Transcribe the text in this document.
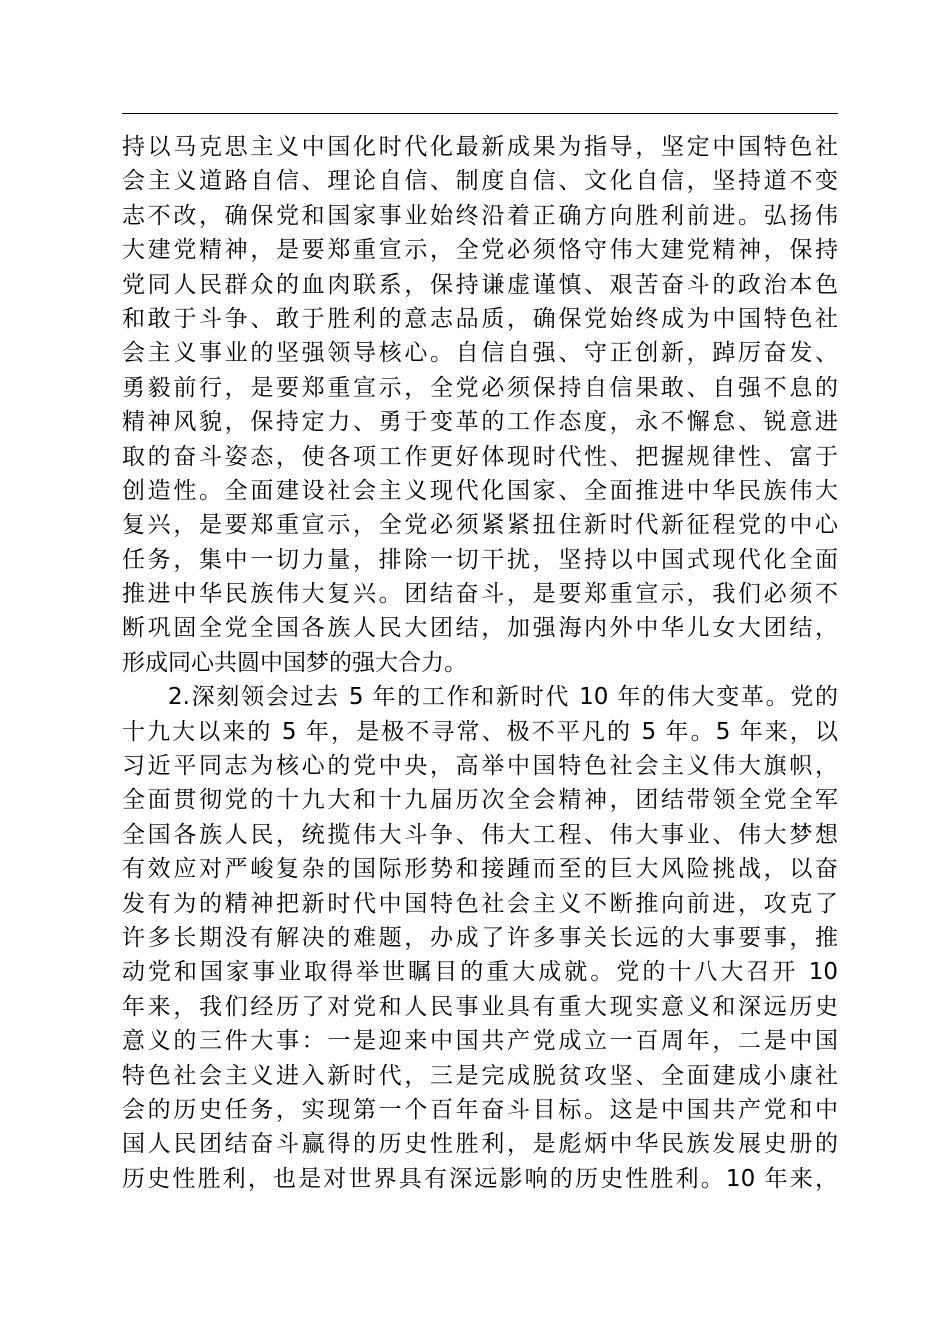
持以马克思主义中国化时代化最新成果为指导，坚定中国特色社
会主义道路自信、理论自信、制度自信、文化自信，坚持道不变
志不改，确保党和国家事业始终沿着正确方向胜利前进。弘扬伟
大建党精神，是要郑重宣示，全党必须恪守伟大建党精神，保持
党同人民群众的血肉联系，保持谦虚谨慎、艰苦奋斗的政治本色
和敢于斗争、敢于胜利的意志品质，确保党始终成为中国特色社
会主义事业的坚强领导核心。自信自强、守正创新，踔厉奋发、
勇毅前行，是要郑重宣示，全党必须保持自信果敢、自强不息的
精神风貌，保持定力、勇于变革的工作态度，永不懈怠、锐意进
取的奋斗姿态，使各项工作更好体现时代性、把握规律性、富于
创造性。全面建设社会主义现代化国家、全面推进中华民族伟大
复兴，是要郑重宣示，全党必须紧紧扭住新时代新征程党的中心
任务，集中一切力量，排除一切干扰，坚持以中国式现代化全面
推进中华民族伟大复兴。团结奋斗，是要郑重宣示，我们必须不
断巩固全党全国各族人民大团结，加强海内外中华儿女大团结，
形成同心共圆中国梦的强大合力。
2.深刻领会过去 5 年的工作和新时代 10 年的伟大变革。党的
十九大以来的 5 年，是极不寻常、极不平凡的 5 年。5 年来，以
习近平同志为核心的党中央，高举中国特色社会主义伟大旗帜，
全面贯彻党的十九大和十九届历次全会精神，团结带领全党全军
全国各族人民，统揽伟大斗争、伟大工程、伟大事业、伟大梦想
有效应对严峻复杂的国际形势和接踵而至的巨大风险挑战，以奋
发有为的精神把新时代中国特色社会主义不断推向前进，攻克了
许多长期没有解决的难题，办成了许多事关长远的大事要事，推
动党和国家事业取得举世瞩目的重大成就。党的十八大召开 10
年来，我们经历了对党和人民事业具有重大现实意义和深远历史
意义的三件大事：一是迎来中国共产党成立一百周年，二是中国
特色社会主义进入新时代，三是完成脱贫攻坚、全面建成小康社
会的历史任务，实现第一个百年奋斗目标。这是中国共产党和中
国人民团结奋斗赢得的历史性胜利，是彪炳中华民族发展史册的
历史性胜利，也是对世界具有深远影响的历史性胜利。10 年来，
